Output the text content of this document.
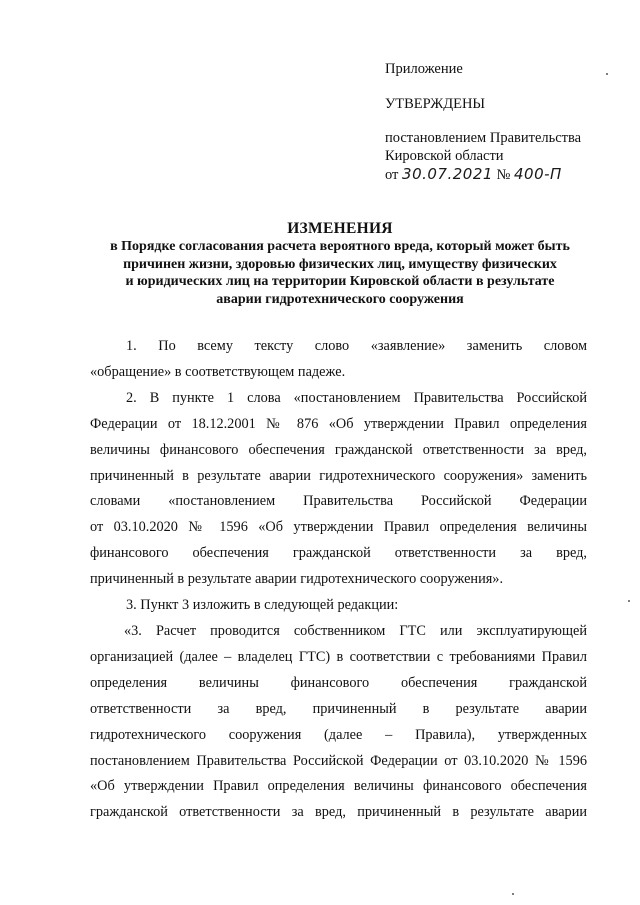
Приложение
УТВЕРЖДЕНЫ
постановлением Правительства
Кировской области
от 30.07.2021 № 400-П
ИЗМЕНЕНИЯ
в Порядке согласования расчета вероятного вреда, который может быть
причинен жизни, здоровью физических лиц, имуществу физических
и юридических лиц на территории Кировской области в результате
аварии гидротехнического сооружения
1. По всему тексту слово «заявление» заменить словом
«обращение» в соответствующем падеже.
2. В пункте 1 слова «постановлением Правительства Российской
Федерации от 18.12.2001 № 876 «Об утверждении Правил определения
величины финансового обеспечения гражданской ответственности за вред,
причиненный в результате аварии гидротехнического сооружения» заменить
словами «постановлением Правительства Российской Федерации
от 03.10.2020 № 1596 «Об утверждении Правил определения величины
финансового обеспечения гражданской ответственности за вред,
причиненный в результате аварии гидротехнического сооружения».
3. Пункт 3 изложить в следующей редакции:
«3. Расчет проводится собственником ГТС или эксплуатирующей
организацией (далее – владелец ГТС) в соответствии с требованиями Правил
определения величины финансового обеспечения гражданской
ответственности за вред, причиненный в результате аварии
гидротехнического сооружения (далее – Правила), утвержденных
постановлением Правительства Российской Федерации от 03.10.2020 № 1596
«Об утверждении Правил определения величины финансового обеспечения
гражданской ответственности за вред, причиненный в результате аварии
